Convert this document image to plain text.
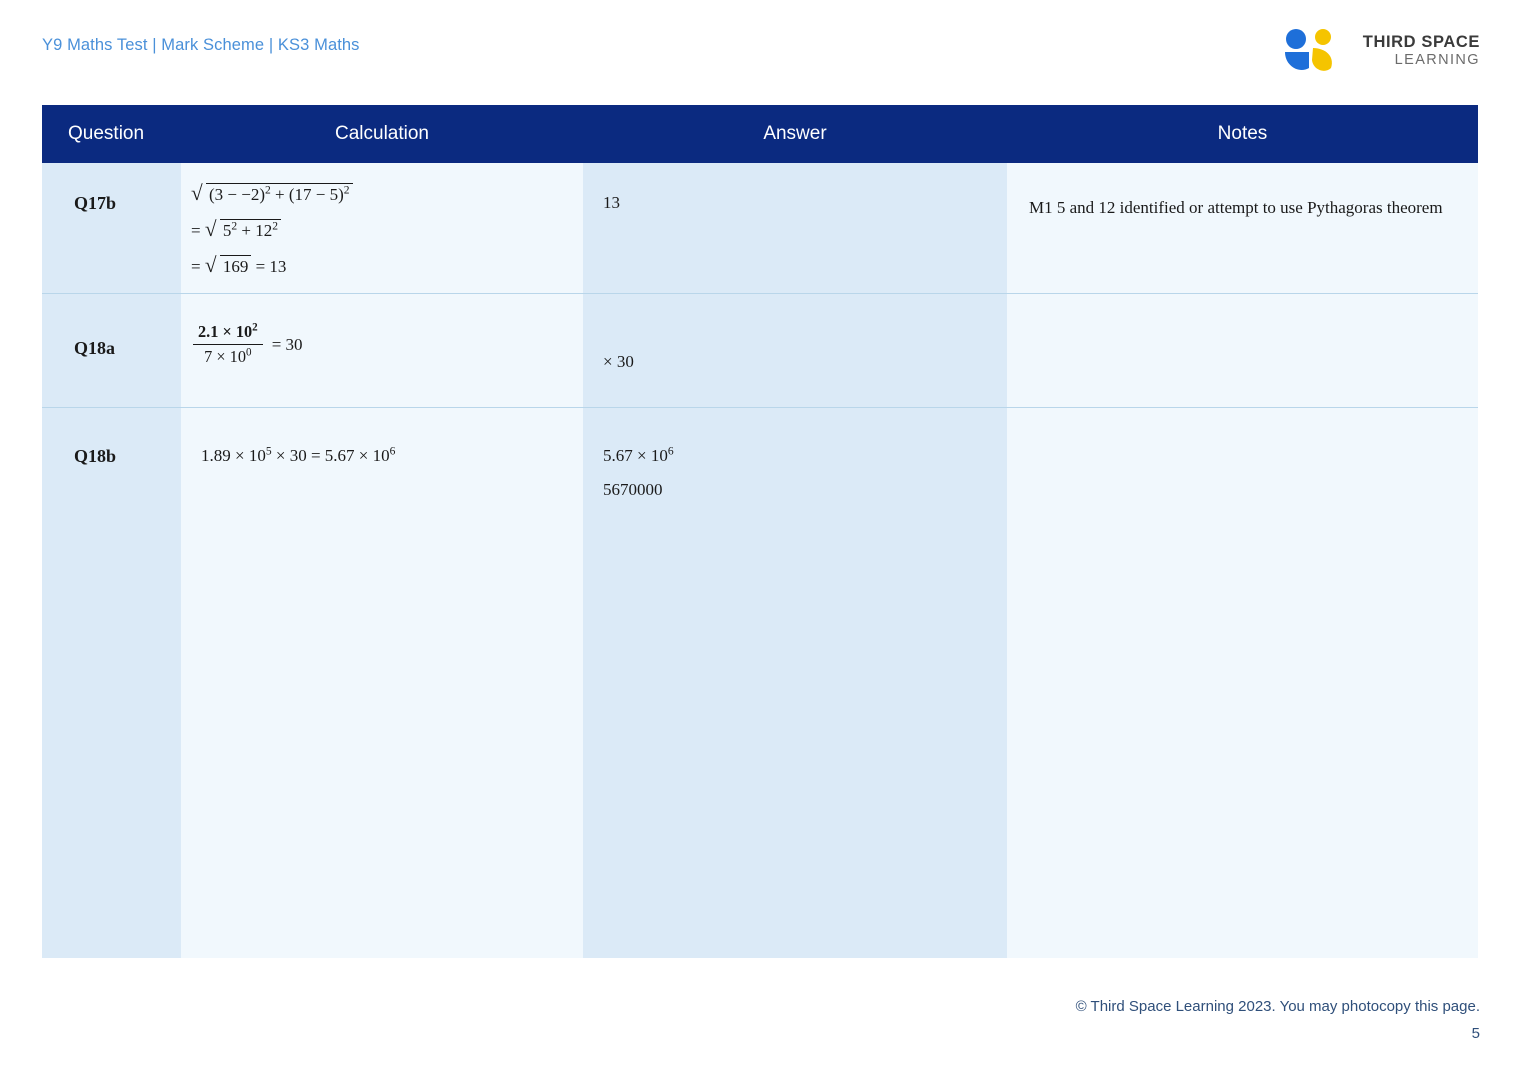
Y9 Maths Test | Mark Scheme | KS3 Maths	THIRD SPACE
LEARNING
Question	Calculation	Answer	Notes
Q17b	√ $(3 - -2)^2 + (17 - 5)^2$
= √ $5^2 + 12^2$
= √ 169 = 13	13	M1 5 and 12 identified or attempt to use Pythagoras theorem
Q18a	$\frac{2.1 \times 10^2}{7 \times 10^0} = 30$	× 30	
Q18b	$1.89 \times 10^5 \times 30 = 5.67 \times 10^6$	$5.67 \times 10^6$
5670000	

© Third Space Learning 2023. You may photocopy this page.
5
